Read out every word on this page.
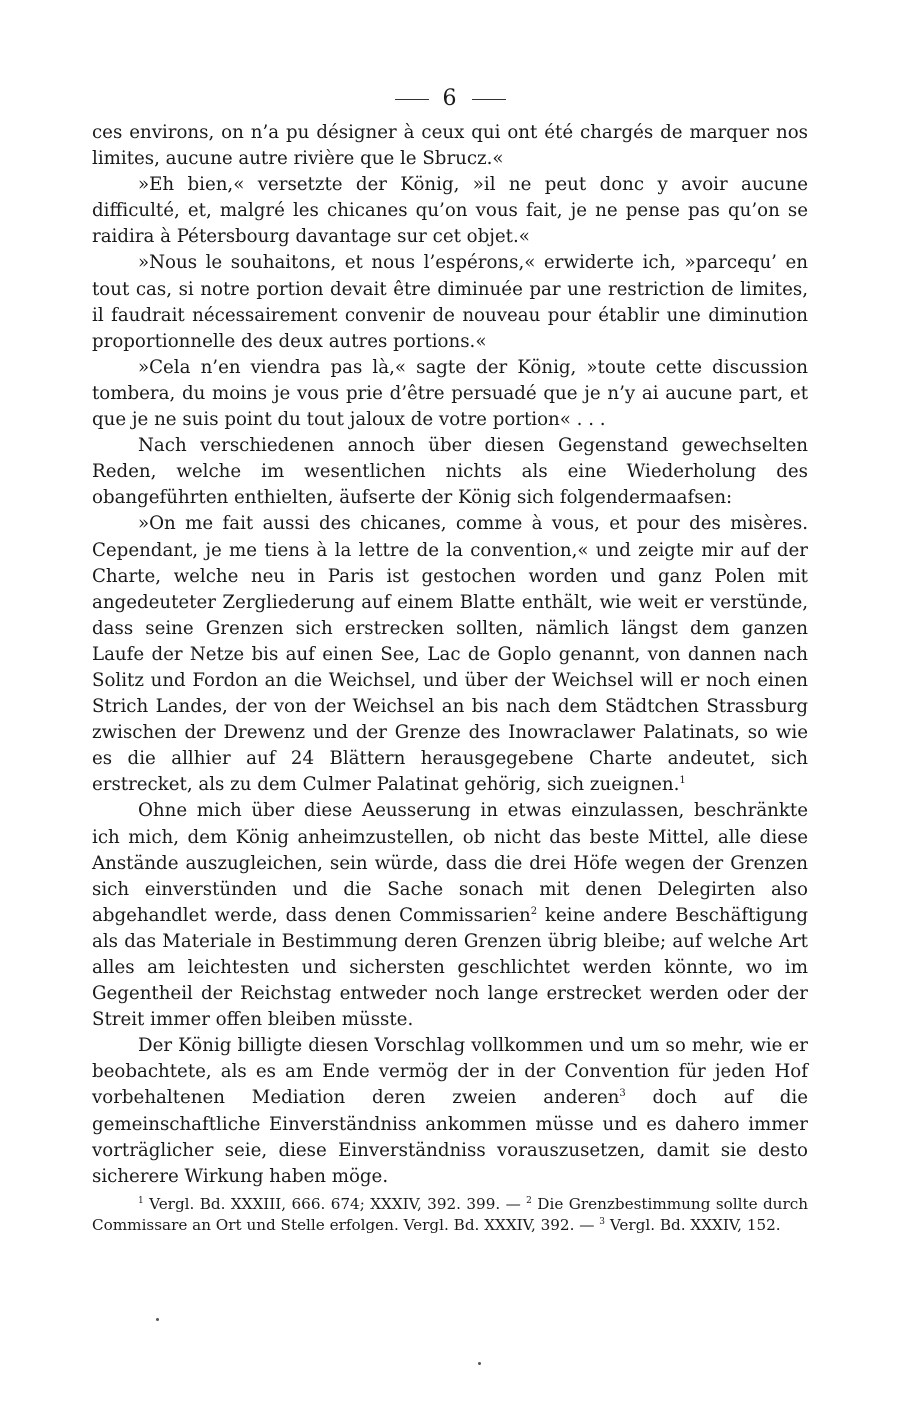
6

ces environs, on n’a pu désigner à ceux qui ont été chargés de marquer nos limites, aucune autre rivière que le Sbrucz.«

»Eh bien,« versetzte der König, »il ne peut donc y avoir aucune difficulté, et, malgré les chicanes qu’on vous fait, je ne pense pas qu’on se raidira à Pétersbourg davantage sur cet objet.«

»Nous le souhaitons, et nous l’espérons,« erwiderte ich, »parcequ’ en tout cas, si notre portion devait être diminuée par une restriction de limites, il faudrait nécessairement convenir de nouveau pour établir une diminution proportionnelle des deux autres portions.«

»Cela n’en viendra pas là,« sagte der König, »toute cette discussion tombera, du moins je vous prie d’être persuadé que je n’y ai aucune part, et que je ne suis point du tout jaloux de votre portion« . . .

Nach verschiedenen annoch über diesen Gegenstand gewechselten Reden, welche im wesentlichen nichts als eine Wiederholung des obangeführten enthielten, äufserte der König sich folgendermaafsen:

»On me fait aussi des chicanes, comme à vous, et pour des misères. Cependant, je me tiens à la lettre de la convention,« und zeigte mir auf der Charte, welche neu in Paris ist gestochen worden und ganz Polen mit angedeuteter Zergliederung auf einem Blatte enthält, wie weit er verstünde, dass seine Grenzen sich erstrecken sollten, nämlich längst dem ganzen Laufe der Netze bis auf einen See, Lac de Goplo genannt, von dannen nach Solitz und Fordon an die Weichsel, und über der Weichsel will er noch einen Strich Landes, der von der Weichsel an bis nach dem Städtchen Strassburg zwischen der Drewenz und der Grenze des Inowraclawer Palatinats, so wie es die allhier auf 24 Blättern herausgegebene Charte andeutet, sich erstrecket, als zu dem Culmer Palatinat gehörig, sich zueignen.$^1$

Ohne mich über diese Aeusserung in etwas einzulassen, beschränkte ich mich, dem König anheimzustellen, ob nicht das beste Mittel, alle diese Anstände auszugleichen, sein würde, dass die drei Höfe wegen der Grenzen sich einverstünden und die Sache sonach mit denen Delegirten also abgehandlet werde, dass denen Commissarien$^2$ keine andere Beschäftigung als das Materiale in Bestimmung deren Grenzen übrig bleibe; auf welche Art alles am leichtesten und sichersten geschlichtet werden könnte, wo im Gegentheil der Reichstag entweder noch lange erstrecket werden oder der Streit immer offen bleiben müsste.

Der König billigte diesen Vorschlag vollkommen und um so mehr, wie er beobachtete, als es am Ende vermög der in der Convention für jeden Hof vorbehaltenen Mediation deren zweien anderen$^3$ doch auf die gemeinschaftliche Einverständniss ankommen müsse und es dahero immer vorträglicher seie, diese Einverständniss vorauszusetzen, damit sie desto sicherere Wirkung haben möge.

$^1$ Vergl. Bd. XXXIII, 666. 674; XXXIV, 392. 399. — $^2$ Die Grenzbestimmung sollte durch Commissare an Ort und Stelle erfolgen. Vergl. Bd. XXXIV, 392. — $^3$ Vergl. Bd. XXXIV, 152.
